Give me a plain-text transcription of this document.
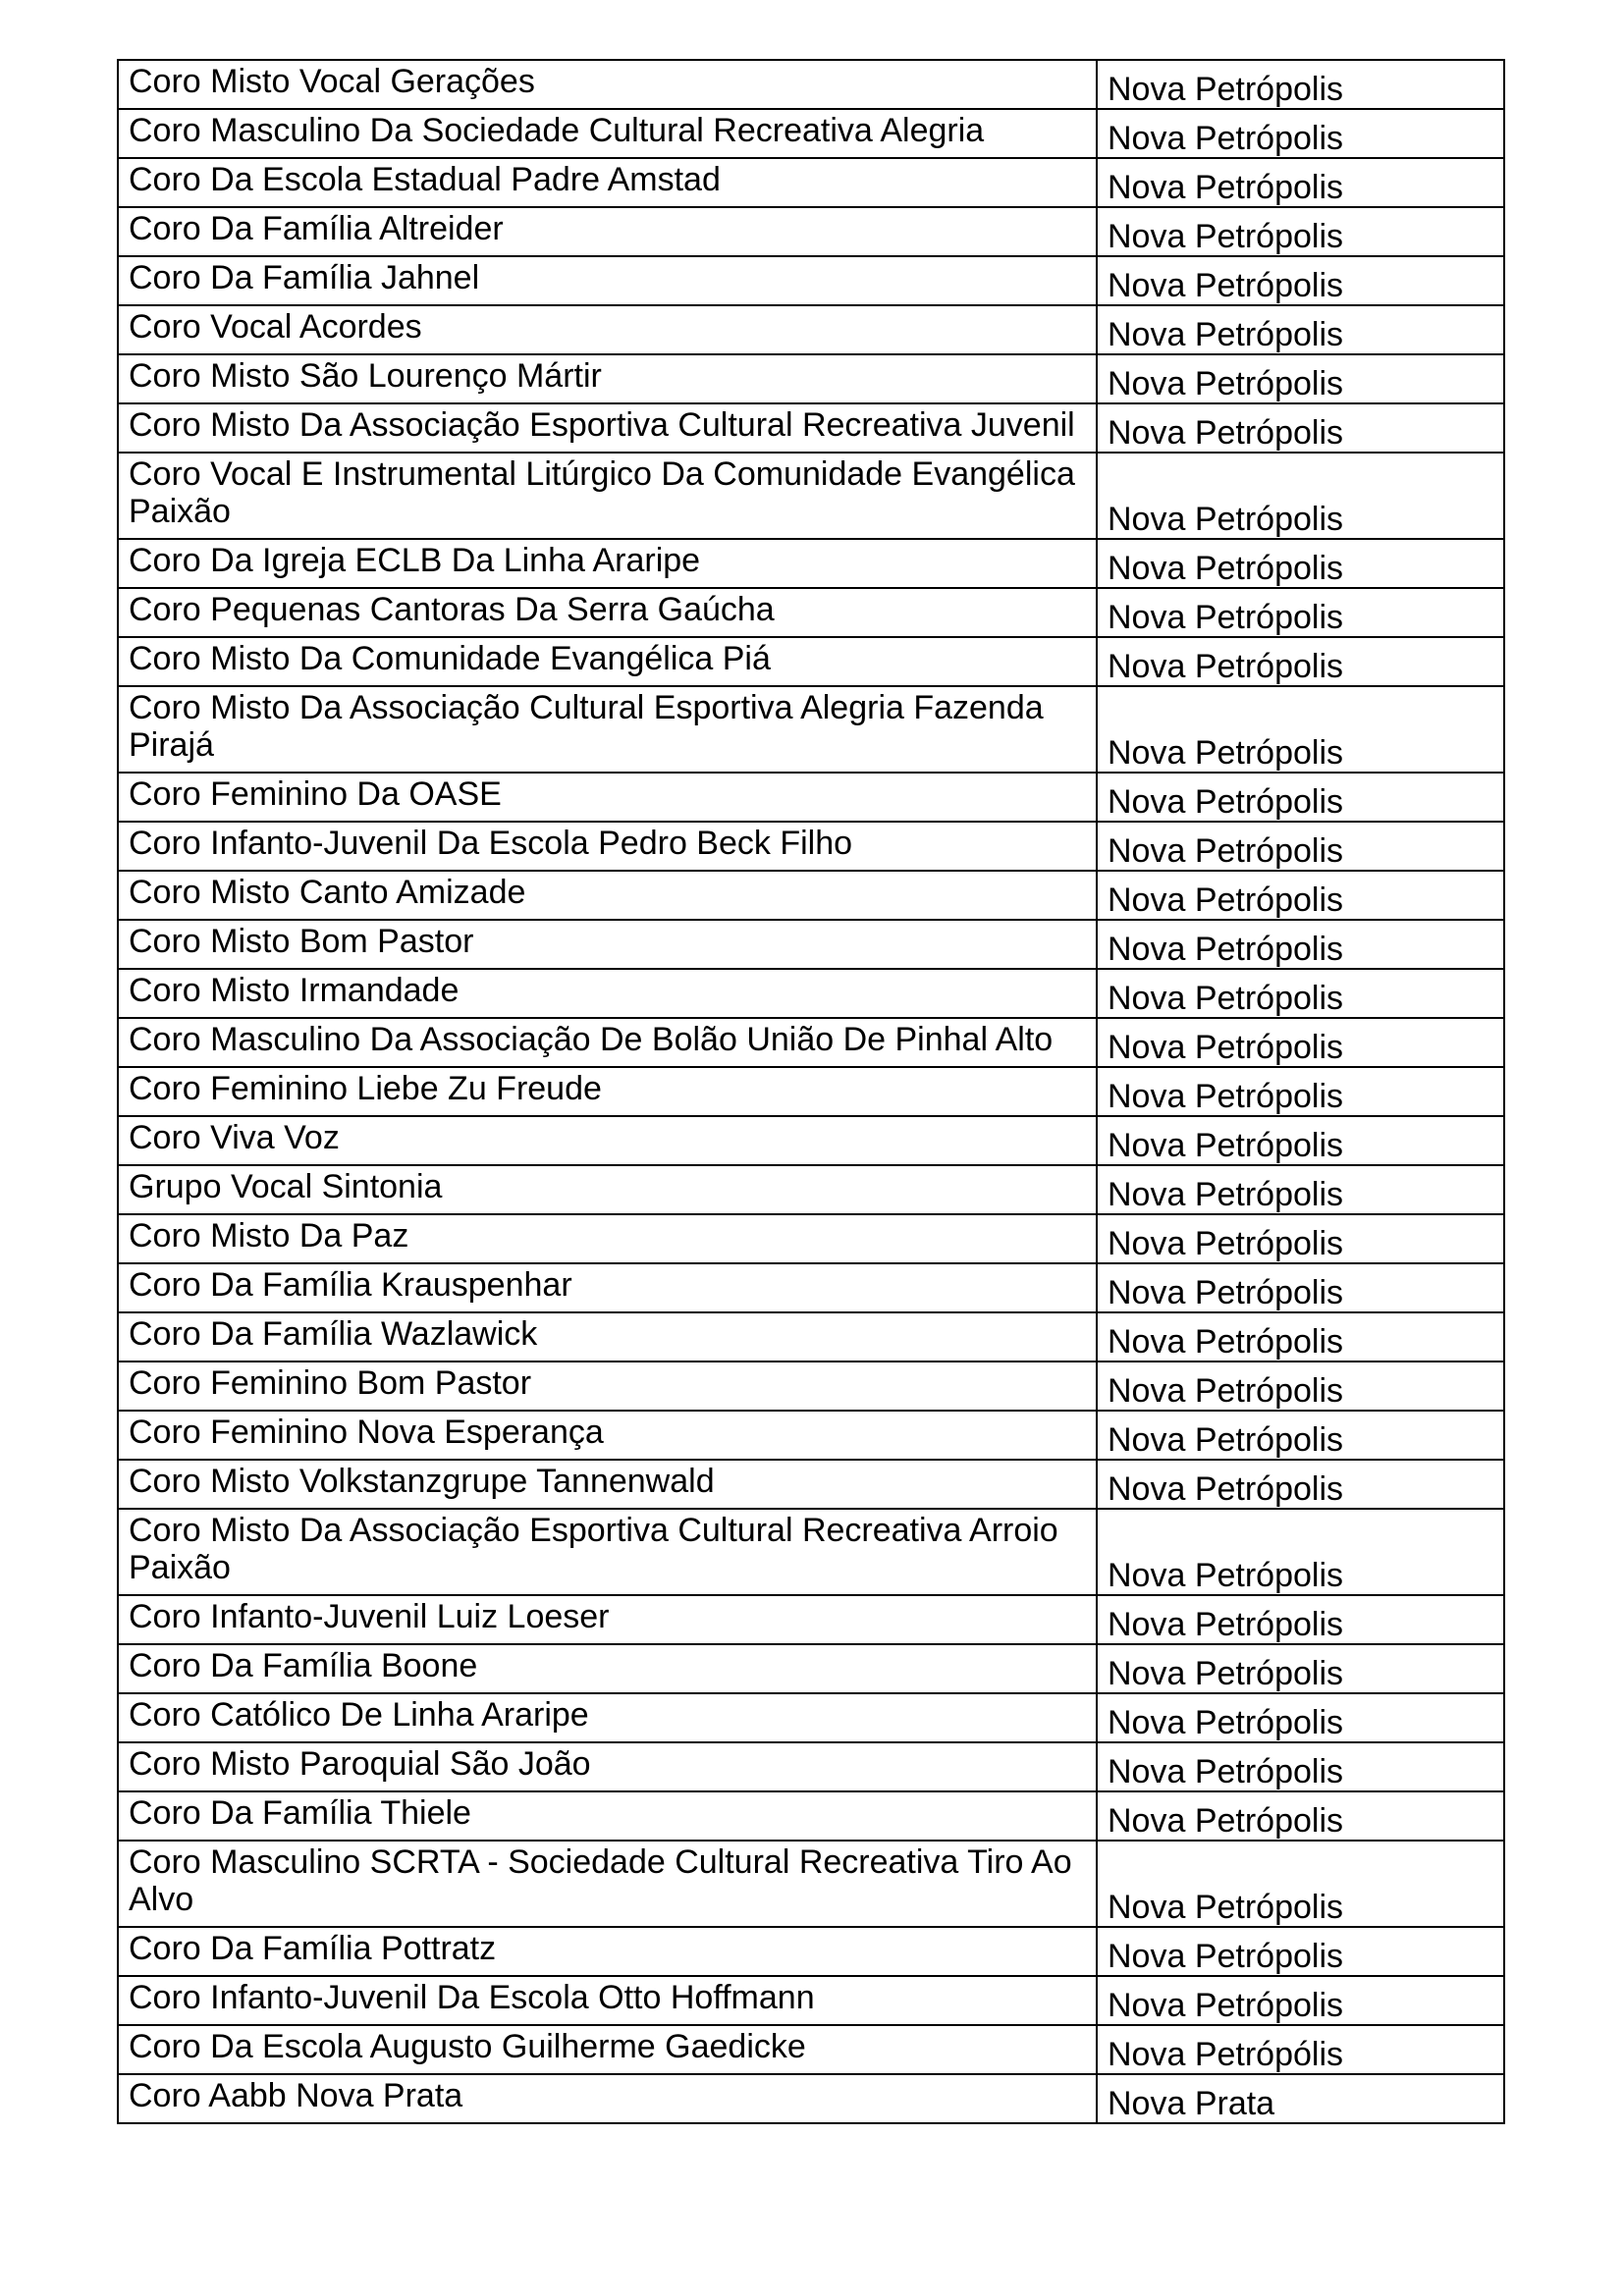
Coro Misto Vocal Gerações	Nova Petrópolis
Coro Masculino Da Sociedade Cultural Recreativa Alegria	Nova Petrópolis
Coro Da Escola Estadual Padre Amstad	Nova Petrópolis
Coro Da Família Altreider	Nova Petrópolis
Coro Da Família Jahnel	Nova Petrópolis
Coro Vocal Acordes	Nova Petrópolis
Coro Misto São Lourenço Mártir	Nova Petrópolis
Coro Misto Da Associação Esportiva Cultural Recreativa Juvenil	Nova Petrópolis
Coro Vocal E Instrumental Litúrgico Da Comunidade Evangélica Paixão	Nova Petrópolis
Coro Da Igreja ECLB Da Linha Araripe	Nova Petrópolis
Coro Pequenas Cantoras Da Serra Gaúcha	Nova Petrópolis
Coro Misto Da Comunidade Evangélica Piá	Nova Petrópolis
Coro Misto Da Associação Cultural Esportiva Alegria Fazenda Pirajá	Nova Petrópolis
Coro Feminino Da OASE	Nova Petrópolis
Coro Infanto-Juvenil Da Escola Pedro Beck Filho	Nova Petrópolis
Coro Misto Canto Amizade	Nova Petrópolis
Coro Misto Bom Pastor	Nova Petrópolis
Coro Misto Irmandade	Nova Petrópolis
Coro Masculino Da Associação De Bolão União De Pinhal Alto	Nova Petrópolis
Coro Feminino Liebe Zu Freude	Nova Petrópolis
Coro Viva Voz	Nova Petrópolis
Grupo Vocal Sintonia	Nova Petrópolis
Coro Misto Da Paz	Nova Petrópolis
Coro Da Família Krauspenhar	Nova Petrópolis
Coro Da Família Wazlawick	Nova Petrópolis
Coro Feminino Bom Pastor	Nova Petrópolis
Coro Feminino Nova Esperança	Nova Petrópolis
Coro Misto Volkstanzgrupe Tannenwald	Nova Petrópolis
Coro Misto Da Associação Esportiva Cultural Recreativa Arroio Paixão	Nova Petrópolis
Coro Infanto-Juvenil Luiz Loeser	Nova Petrópolis
Coro Da Família Boone	Nova Petrópolis
Coro Católico De Linha Araripe	Nova Petrópolis
Coro Misto Paroquial São João	Nova Petrópolis
Coro Da Família Thiele	Nova Petrópolis
Coro Masculino SCRTA - Sociedade Cultural Recreativa Tiro Ao Alvo	Nova Petrópolis
Coro Da Família Pottratz	Nova Petrópolis
Coro Infanto-Juvenil Da Escola Otto Hoffmann	Nova Petrópolis
Coro Da Escola Augusto Guilherme Gaedicke	Nova Petrópólis
Coro Aabb Nova Prata	Nova Prata
